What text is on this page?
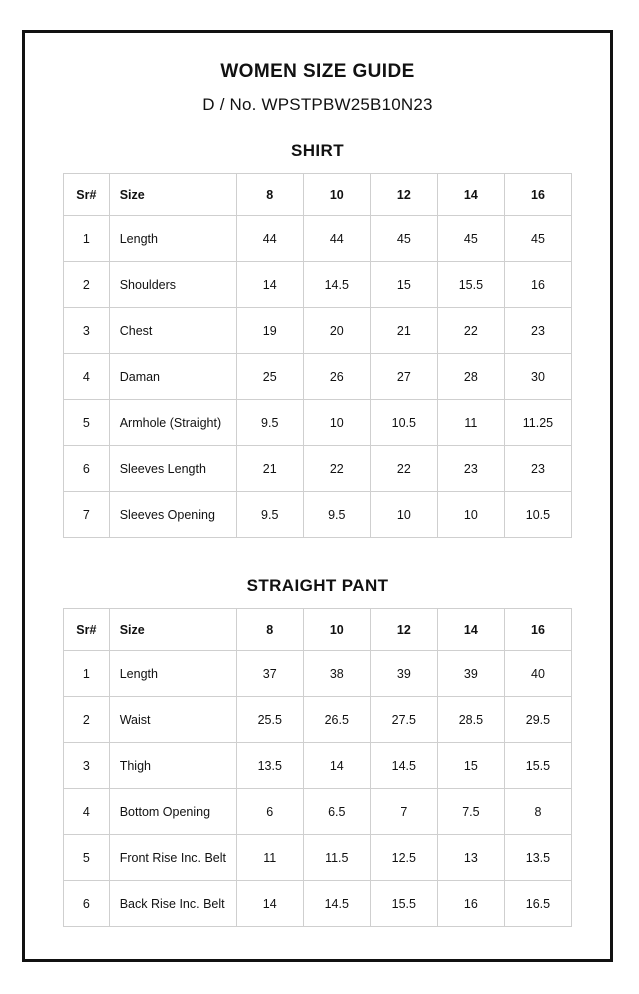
WOMEN SIZE GUIDE
D / No. WPSTPBW25B10N23
SHIRT
Sr#	Size	8	10	12	14	16
1	Length	44	44	45	45	45
2	Shoulders	14	14.5	15	15.5	16
3	Chest	19	20	21	22	23
4	Daman	25	26	27	28	30
5	Armhole (Straight)	9.5	10	10.5	11	11.25
6	Sleeves Length	21	22	22	23	23
7	Sleeves Opening	9.5	9.5	10	10	10.5
STRAIGHT PANT
Sr#	Size	8	10	12	14	16
1	Length	37	38	39	39	40
2	Waist	25.5	26.5	27.5	28.5	29.5
3	Thigh	13.5	14	14.5	15	15.5
4	Bottom Opening	6	6.5	7	7.5	8
5	Front Rise Inc. Belt	11	11.5	12.5	13	13.5
6	Back Rise Inc. Belt	14	14.5	15.5	16	16.5
